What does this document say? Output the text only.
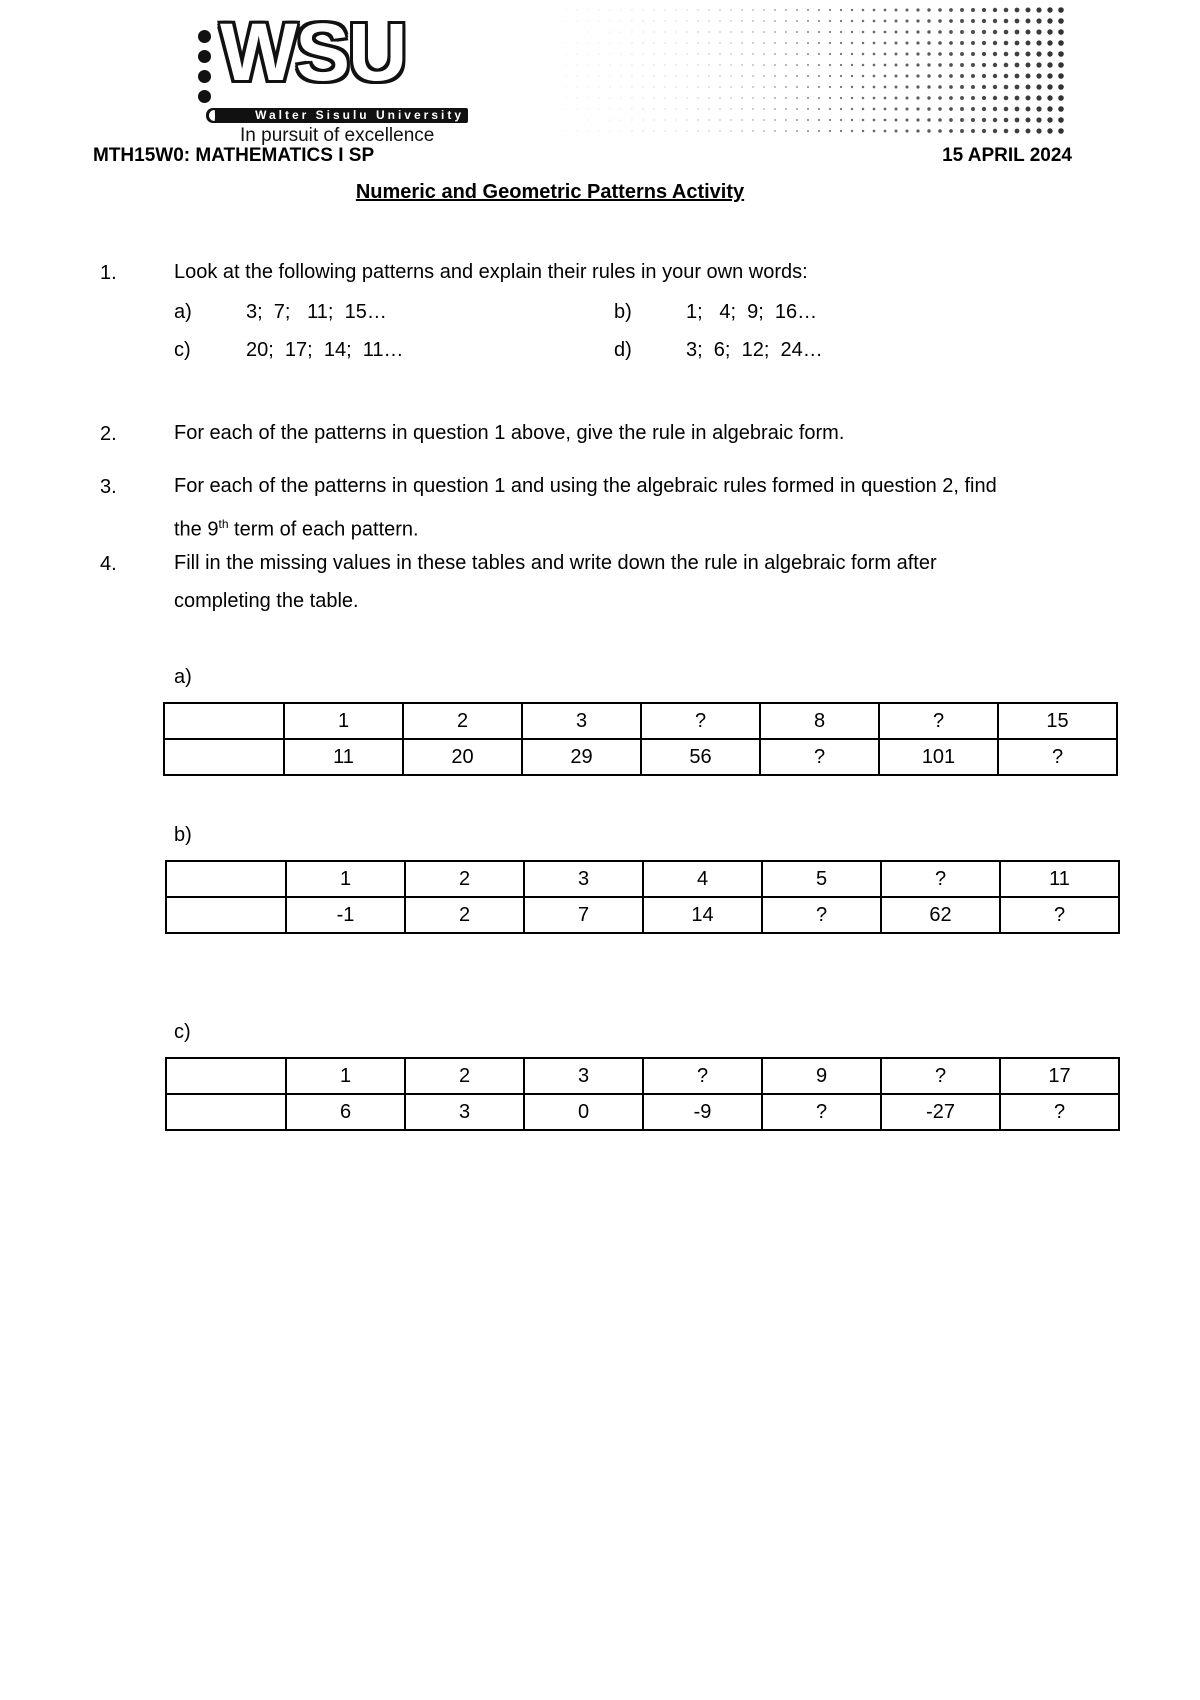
WSU
Walter Sisulu University
In pursuit of excellence
MTH15W0: MATHEMATICS I SP	15 APRIL 2024
Numeric and Geometric Patterns Activity
1.	Look at the following patterns and explain their rules in your own words:
a)	3;  7;   11;  15…	b)	1;   4;  9;  16…
c)	20;  17;  14;  11…	d)	3;  6;  12;  24…
2.	For each of the patterns in question 1 above, give the rule in algebraic form.
3.	For each of the patterns in question 1 and using the algebraic rules formed in question 2, find
the 9th term of each pattern.
4.	Fill in the missing values in these tables and write down the rule in algebraic form after
completing the table.
a)
	1	2	3	?	8	?	15
	11	20	29	56	?	101	?
b)
	1	2	3	4	5	?	11
	-1	2	7	14	?	62	?
c)
	1	2	3	?	9	?	17
	6	3	0	-9	?	-27	?
